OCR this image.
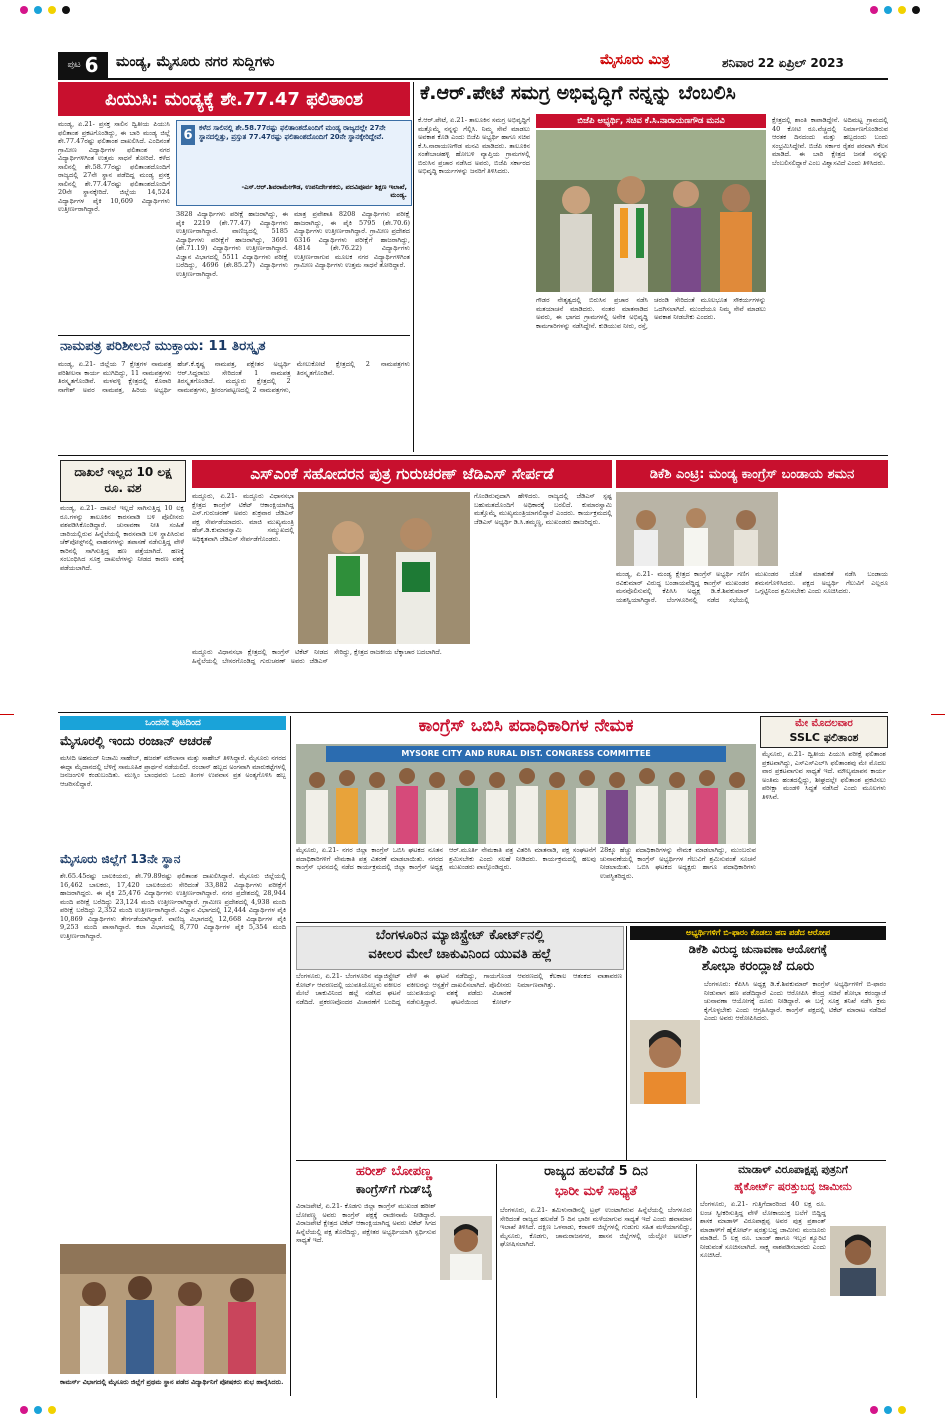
ಪುಟ 6 ಮಂಡ್ಯ, ಮೈಸೂರು ನಗರ ಸುದ್ದಿಗಳು	ಮೈಸೂರು ಮಿತ್ರ	ಶನಿವಾರ 22 ಏಪ್ರಿಲ್ 2023
ಪಿಯುಸಿ: ಮಂಡ್ಯಕ್ಕೆ ಶೇ.77.47 ಫಲಿತಾಂಶ
ಮಂಡ್ಯ, ಏ.21- ಪ್ರಸಕ್ತ ಸಾಲಿನ ದ್ವಿತೀಯ ಪಿಯುಸಿ ಫಲಿತಾಂಶ ಪ್ರಕಟಗೊಂಡಿದ್ದು, ಈ ಬಾರಿ ಮಂಡ್ಯ ಜಿಲ್ಲೆ ಶೇ.77.47ರಷ್ಟು ಫಲಿತಾಂಶ ದಾಖಲಿಸಿದೆ. ಎಂದಿನಂತೆ ಗ್ರಾಮೀಣ ವಿದ್ಯಾರ್ಥಿಗಳ ಫಲಿತಾಂಶ ನಗರ ವಿದ್ಯಾರ್ಥಿಗಳಿಗಿಂತ ಉತ್ತಮ ಸಾಧನೆ ತೋರಿದೆ. ಕಳೆದ ಸಾಲಿನಲ್ಲಿ ಶೇ.58.77ರಷ್ಟು ಫಲಿತಾಂಶದೊಂದಿಗೆ ರಾಜ್ಯದಲ್ಲಿ 27ನೇ ಸ್ಥಾನ ಪಡೆದಿದ್ದ ಮಂಡ್ಯ ಪ್ರಸಕ್ತ ಸಾಲಿನಲ್ಲಿ ಶೇ.77.47ರಷ್ಟು ಫಲಿತಾಂಶದೊಂದಿಗೆ 20ನೇ ಸ್ಥಾನಕ್ಕೇರಿದೆ. ಜಿಲ್ಲೆಯ 14,524 ವಿದ್ಯಾರ್ಥಿಗಳ ಪೈಕಿ 10,609 ವಿದ್ಯಾರ್ಥಿಗಳು ಉತ್ತೀರ್ಣರಾಗಿದ್ದಾರೆ.
6 ಕಳೆದ ಸಾಲಿನಲ್ಲಿ ಶೇ.58.77ರಷ್ಟು ಫಲಿತಾಂಶದೊಂದಿಗೆ ಮಂಡ್ಯ ರಾಜ್ಯದಲ್ಲೇ 27ನೇ ಸ್ಥಾನದಲ್ಲಿತ್ತು, ಪ್ರಸ್ತುತ 77.47ರಷ್ಟು ಫಲಿತಾಂಶದೊಂದಿಗೆ 20ನೇ ಸ್ಥಾನಕ್ಕೇರಿದ್ದೇವೆ.
-ಎಸ್.ಆರ್.ಶಿವರಾಮೇಗೌಡ, ಉಪನಿರ್ದೇಶಕರು, ಪದವಿಪೂರ್ವ ಶಿಕ್ಷಣ ಇಲಾಖೆ, ಮಂಡ್ಯ.
3828 ವಿದ್ಯಾರ್ಥಿಗಳು ಪರೀಕ್ಷೆ ಹಾಜರಾಗಿದ್ದು, ಈ ಪೈಕಿ 2219 (ಶೇ.77.47) ವಿದ್ಯಾರ್ಥಿಗಳು ಉತ್ತೀರ್ಣರಾಗಿದ್ದಾರೆ. ವಾಣಿಜ್ಯದಲ್ಲಿ 5185 ವಿದ್ಯಾರ್ಥಿಗಳು ಪರೀಕ್ಷೆಗೆ ಹಾಜರಾಗಿದ್ದು, 3691 (ಶೇ.71.19) ವಿದ್ಯಾರ್ಥಿಗಳು ಉತ್ತೀರ್ಣರಾಗಿದ್ದಾರೆ. ವಿಜ್ಞಾನ ವಿಭಾಗದಲ್ಲಿ 5511 ವಿದ್ಯಾರ್ಥಿಗಳು ಪರೀಕ್ಷೆ ಬರೆದಿದ್ದು, 4696 (ಶೇ.85.27) ವಿದ್ಯಾರ್ಥಿಗಳು ಉತ್ತೀರ್ಣರಾಗಿದ್ದಾರೆ.
ಮಾತ್ರ ಪ್ರವೇಶಾತಿ 8208 ವಿದ್ಯಾರ್ಥಿಗಳು ಪರೀಕ್ಷೆ ಹಾಜರಾಗಿದ್ದು, ಈ ಪೈಕಿ 5795 (ಶೇ.70.6) ವಿದ್ಯಾರ್ಥಿಗಳು ಉತ್ತೀರ್ಣರಾಗಿದ್ದಾರೆ. ಗ್ರಾಮೀಣ ಪ್ರದೇಶದ 6316 ವಿದ್ಯಾರ್ಥಿಗಳು ಪರೀಕ್ಷೆಗೆ ಹಾಜರಾಗಿದ್ದು, 4814 (ಶೇ.76.22) ವಿದ್ಯಾರ್ಥಿಗಳು ಉತ್ತೀರ್ಣರಾಗುವ ಮೂಲಕ ನಗರ ವಿದ್ಯಾರ್ಥಿಗಳಿಗಿಂತ ಗ್ರಾಮೀಣ ವಿದ್ಯಾರ್ಥಿಗಳು ಉತ್ತಮ ಸಾಧನೆ ತೋರಿದ್ದಾರೆ.
ನಾಮಪತ್ರ ಪರಿಶೀಲನೆ ಮುಕ್ತಾಯ: 11 ತಿರಸ್ಕೃತ
ಮಂಡ್ಯ, ಏ.21- ಜಿಲ್ಲೆಯ 7 ಕ್ಷೇತ್ರಗಳ ನಾಮಪತ್ರ ಪರಿಶೀಲನಾ ಕಾರ್ಯ ಮುಗಿದಿದ್ದು, 11 ನಾಮಪತ್ರಗಳು ತಿರಸ್ಕೃತಗೊಂಡಿವೆ. ಮಳವಳ್ಳಿ ಕ್ಷೇತ್ರದಲ್ಲಿ ಕೊಠಾರಿ ನಾಗೇಶ್ ಅವರ ನಾಮಪತ್ರ, ಹಿರಿಯ ಅಭ್ಯರ್ಥಿ ಹೆಚ್.ಕೆ.ಕೃಷ್ಣ ನಾಮಪತ್ರ, ಪಕ್ಷೇತರ ಅಭ್ಯರ್ಥಿ ಆರ್.ಸಿದ್ದರಾಜು ಸೇರಿದಂತೆ 1 ನಾಮಪತ್ರ ತಿರಸ್ಕೃತಗೊಂಡಿದೆ. ಮದ್ದೂರು ಕ್ಷೇತ್ರದಲ್ಲಿ 2 ನಾಮಪತ್ರಗಳು, ಶ್ರೀರಂಗಪಟ್ಟಣದಲ್ಲಿ 2 ನಾಮಪತ್ರಗಳು, ಮೇಲುಕೋಟೆ ಕ್ಷೇತ್ರದಲ್ಲಿ 2 ನಾಮಪತ್ರಗಳು ತಿರಸ್ಕೃತಗೊಂಡಿವೆ.
ಕೆ.ಆರ್.ಪೇಟೆ ಸಮಗ್ರ ಅಭಿವೃದ್ಧಿಗೆ ನನ್ನನ್ನು ಬೆಂಬಲಿಸಿ
ಬಿಜೆಪಿ ಅಭ್ಯರ್ಥಿ, ಸಚಿವ ಕೆ.ಸಿ.ನಾರಾಯಣಗೌಡ ಮನವಿ
ಕೆ.ಆರ್.ಪೇಟೆ, ಏ.21- ತಾಲೂಕಿನ ಸಮಗ್ರ ಅಭಿವೃದ್ಧಿಗೆ ಮತ್ತೊಮ್ಮೆ ನನ್ನನ್ನು ಗೆಲ್ಲಿಸಿ. ನಿಮ್ಮ ಸೇವೆ ಮಾಡಲು ಅವಕಾಶ ಕೊಡಿ ಎಂದು ಬಿಜೆಪಿ ಅಭ್ಯರ್ಥಿ ಹಾಗೂ ಸಚಿವ ಕೆ.ಸಿ.ನಾರಾಯಣಗೌಡ ಮನವಿ ಮಾಡಿದರು. ತಾಲೂಕಿನ ಸಂತೇಬಾಚಹಳ್ಳಿ ಹೋಬಳಿ ವ್ಯಾಪ್ತಿಯ ಗ್ರಾಮಗಳಲ್ಲಿ ಬಿರುಸಿನ ಪ್ರಚಾರ ನಡೆಸಿದ ಅವರು, ಬಿಜೆಪಿ ಸರ್ಕಾರದ ಅಭಿವೃದ್ಧಿ ಕಾರ್ಯಗಳನ್ನು ಜನರಿಗೆ ತಿಳಿಸಿದರು.
ಗೌಡರ ನೇತೃತ್ವದಲ್ಲಿ ಬಿರುಸಿನ ಪ್ರಚಾರ ನಡೆಸಿ ಮತಯಾಚನೆ ಮಾಡಿದರು. ನಂತರ ಮಾತನಾಡಿದ ಅವರು, ಈ ಭಾಗದ ಗ್ರಾಮಗಳಲ್ಲಿ ಅನೇಕ ಅಭಿವೃದ್ಧಿ ಕಾಮಗಾರಿಗಳನ್ನು ನಡೆಸಿದ್ದೇನೆ. ಕುಡಿಯುವ ನೀರು, ರಸ್ತೆ, ಚರಂಡಿ ಸೇರಿದಂತೆ ಮೂಲಭೂತ ಸೌಕರ್ಯಗಳನ್ನು ಒದಗಿಸಲಾಗಿದೆ. ಮುಂದೆಯೂ ನಿಮ್ಮ ಸೇವೆ ಮಾಡಲು ಅವಕಾಶ ನೀಡಬೇಕು ಎಂದರು.
ಕ್ಷೇತ್ರದಲ್ಲಿ ಶಾಂತಿ ಕಾಪಾಡಿದ್ದೇನೆ. ಅದಿಮಟ್ಟ ಗ್ರಾಮದಲ್ಲಿ 40 ಕೋಟಿ ರೂ.ವೆಚ್ಚದಲ್ಲಿ ನಿರ್ಮಾಣಗೊಂಡಿರುವ ಆರತಕ ದಿನದಂದು ಮತ್ತು ಹಬ್ಬದಂದು ಬಂದು ಸಂಭ್ರಮಿಸಿದ್ದೇವೆ. ಬಿಜೆಪಿ ಸರ್ಕಾರ ರೈತರ ಪರವಾಗಿ ಕೆಲಸ ಮಾಡಿದೆ. ಈ ಬಾರಿ ಕ್ಷೇತ್ರದ ಜನತೆ ನನ್ನನ್ನು ಬೆಂಬಲಿಸಲಿದ್ದಾರೆ ಎಂಬ ವಿಶ್ವಾಸವಿದೆ ಎಂದು ತಿಳಿಸಿದರು.
ದಾಖಲೆ ಇಲ್ಲದ 10 ಲಕ್ಷ ರೂ. ವಶ
ಮಂಡ್ಯ, ಏ.21- ದಾಖಲೆ ಇಲ್ಲದೆ ಸಾಗಿಸುತ್ತಿದ್ದ 10 ಲಕ್ಷ ರೂ.ಗಳನ್ನು ತಾಲೂಕಿನ ಕಾರಸವಾಡಿ ಬಳಿ ಪೊಲೀಸರು ವಶಪಡಿಸಿಕೊಂಡಿದ್ದಾರೆ. ಚುನಾವಣಾ ನೀತಿ ಸಂಹಿತೆ ಜಾರಿಯಲ್ಲಿರುವ ಹಿನ್ನೆಲೆಯಲ್ಲಿ ಕಾರಸವಾಡಿ ಬಳಿ ಸ್ಥಾಪಿಸಿರುವ ಚೆಕ್‌ಪೋಸ್ಟ್‌ನಲ್ಲಿ ವಾಹನಗಳನ್ನು ತಪಾಸಣೆ ನಡೆಸುತ್ತಿದ್ದ ವೇಳೆ ಕಾರಿನಲ್ಲಿ ಸಾಗಿಸುತ್ತಿದ್ದ ಹಣ ಪತ್ತೆಯಾಗಿದೆ. ಹಣಕ್ಕೆ ಸಂಬಂಧಿಸಿದ ಸೂಕ್ತ ದಾಖಲೆಗಳನ್ನು ನೀಡದ ಕಾರಣ ವಶಕ್ಕೆ ಪಡೆಯಲಾಗಿದೆ.
ಎಸ್‌ಎಂಕೆ ಸಹೋದರನ ಪುತ್ರ ಗುರುಚರಣ್ ಜೆಡಿಎಸ್ ಸೇರ್ಪಡೆ
ಮದ್ದೂರು, ಏ.21- ಮದ್ದೂರು ವಿಧಾನಸಭಾ ಕ್ಷೇತ್ರದ ಕಾಂಗ್ರೆಸ್ ಟಿಕೆಟ್ ಆಕಾಂಕ್ಷಿಯಾಗಿದ್ದ ಎಸ್.ಗುರುಚರಣ್ ಅವರು ಶುಕ್ರವಾರ ಜೆಡಿಎಸ್ ಪಕ್ಷ ಸೇರ್ಪಡೆಯಾದರು. ಮಾಜಿ ಮುಖ್ಯಮಂತ್ರಿ ಹೆಚ್.ಡಿ.ಕುಮಾರಸ್ವಾಮಿ ಸಮ್ಮುಖದಲ್ಲಿ ಅಧಿಕೃತವಾಗಿ ಜೆಡಿಎಸ್ ಸೇರ್ಪಡೆಗೊಂಡರು.
ಗೊಂಡಿರುವುದಾಗಿ ಹೇಳಿದರು. ರಾಜ್ಯದಲ್ಲಿ ಜೆಡಿಎಸ್ ಸ್ಪಷ್ಟ ಬಹುಮತದೊಂದಿಗೆ ಅಧಿಕಾರಕ್ಕೆ ಬರಲಿದೆ. ಕುಮಾರಸ್ವಾಮಿ ಮತ್ತೊಮ್ಮೆ ಮುಖ್ಯಮಂತ್ರಿಯಾಗಲಿದ್ದಾರೆ ಎಂದರು. ಕಾರ್ಯಕ್ರಮದಲ್ಲಿ ಜೆಡಿಎಸ್ ಅಭ್ಯರ್ಥಿ ಡಿ.ಸಿ.ತಮ್ಮಣ್ಣ, ಮುಖಂಡರು ಹಾಜರಿದ್ದರು.
ಮದ್ದೂರು ವಿಧಾನಸಭಾ ಕ್ಷೇತ್ರದಲ್ಲಿ ಕಾಂಗ್ರೆಸ್ ಟಿಕೆಟ್ ನೀಡದ ಹಿನ್ನೆಲೆಯಲ್ಲಿ ಬೇಸರಗೊಂಡಿದ್ದ ಗುರುಚರಣ್ ಅವರು ಜೆಡಿಎಸ್ ಸೇರಿದ್ದು, ಕ್ಷೇತ್ರದ ರಾಜಕೀಯ ಲೆಕ್ಕಾಚಾರ ಬದಲಾಗಿದೆ.
ಡಿಕೆಶಿ ಎಂಟ್ರಿ: ಮಂಡ್ಯ ಕಾಂಗ್ರೆಸ್ ಬಂಡಾಯ ಶಮನ
ಮಂಡ್ಯ, ಏ.21- ಮಂಡ್ಯ ಕ್ಷೇತ್ರದ ಕಾಂಗ್ರೆಸ್ ಅಭ್ಯರ್ಥಿ ಗಣಿಗ ರವಿಕುಮಾರ್ ವಿರುದ್ಧ ಬಂಡಾಯವೆದ್ದಿದ್ದ ಕಾಂಗ್ರೆಸ್ ಮುಖಂಡರ ಮನವೊಲಿಸುವಲ್ಲಿ ಕೆಪಿಸಿಸಿ ಅಧ್ಯಕ್ಷ ಡಿ.ಕೆ.ಶಿವಕುಮಾರ್ ಯಶಸ್ವಿಯಾಗಿದ್ದಾರೆ. ಬೆಂಗಳೂರಿನಲ್ಲಿ ನಡೆದ ಸಭೆಯಲ್ಲಿ ಮುಖಂಡರ ಜೊತೆ ಮಾತುಕತೆ ನಡೆಸಿ ಬಂಡಾಯ ಶಮನಗೊಳಿಸಿದರು. ಪಕ್ಷದ ಅಭ್ಯರ್ಥಿ ಗೆಲುವಿಗೆ ಎಲ್ಲರೂ ಒಗ್ಗಟ್ಟಿನಿಂದ ಶ್ರಮಿಸಬೇಕು ಎಂದು ಸೂಚಿಸಿದರು.
ಒಂದನೇ ಪುಟದಿಂದ
ಮೈಸೂರಲ್ಲಿ ಇಂದು ರಂಜಾನ್ ಆಚರಣೆ
ಮಸೀದಿ ಅಹಮದ್ ನಿಜಾಮಿ ಸಾಹೇಬ್, ಹಜರತ್ ಮೌಲಾನಾ ಮತ್ತು ಸಾಹೇಬ್ ತಿಳಿಸಿದ್ದಾರೆ. ಮೈಸೂರು ನಗರದ ಈದ್ಗಾ ಮೈದಾನದಲ್ಲಿ ಬೆಳಿಗ್ಗೆ ಸಾಮೂಹಿಕ ಪ್ರಾರ್ಥನೆ ನಡೆಯಲಿದೆ. ರಂಜಾನ್ ಹಬ್ಬದ ಅಂಗವಾಗಿ ಮಾರುಕಟ್ಟೆಗಳಲ್ಲಿ ಜನಜಂಗುಳಿ ಕಂಡುಬಂದಿತು. ಮುಸ್ಲಿಂ ಬಾಂಧವರು ಒಂದು ತಿಂಗಳ ಉಪವಾಸ ವ್ರತ ಅಂತ್ಯಗೊಳಿಸಿ ಹಬ್ಬ ಆಚರಿಸಲಿದ್ದಾರೆ.
ಮೈಸೂರು ಜಿಲ್ಲೆಗೆ 13ನೇ ಸ್ಥಾನ
ಶೇ.65.45ರಷ್ಟು ಬಾಲಕಿಯರು, ಶೇ.79.89ರಷ್ಟು ಫಲಿತಾಂಶ ದಾಖಲಿಸಿದ್ದಾರೆ. ಮೈಸೂರು ಜಿಲ್ಲೆಯಲ್ಲಿ 16,462 ಬಾಲಕರು, 17,420 ಬಾಲಕಿಯರು ಸೇರಿದಂತೆ 33,882 ವಿದ್ಯಾರ್ಥಿಗಳು ಪರೀಕ್ಷೆಗೆ ಹಾಜರಾಗಿದ್ದರು. ಈ ಪೈಕಿ 25,476 ವಿದ್ಯಾರ್ಥಿಗಳು ಉತ್ತೀರ್ಣರಾಗಿದ್ದಾರೆ. ನಗರ ಪ್ರದೇಶದಲ್ಲಿ 28,944 ಮಂದಿ ಪರೀಕ್ಷೆ ಬರೆದಿದ್ದು 23,124 ಮಂದಿ ಉತ್ತೀರ್ಣರಾಗಿದ್ದಾರೆ. ಗ್ರಾಮೀಣ ಪ್ರದೇಶದಲ್ಲಿ 4,938 ಮಂದಿ ಪರೀಕ್ಷೆ ಬರೆದಿದ್ದು 2,352 ಮಂದಿ ಉತ್ತೀರ್ಣರಾಗಿದ್ದಾರೆ. ವಿಜ್ಞಾನ ವಿಭಾಗದಲ್ಲಿ 12,444 ವಿದ್ಯಾರ್ಥಿಗಳ ಪೈಕಿ 10,869 ವಿದ್ಯಾರ್ಥಿಗಳು ತೇರ್ಗಡೆಯಾಗಿದ್ದಾರೆ. ವಾಣಿಜ್ಯ ವಿಭಾಗದಲ್ಲಿ 12,668 ವಿದ್ಯಾರ್ಥಿಗಳ ಪೈಕಿ 9,253 ಮಂದಿ ಪಾಸಾಗಿದ್ದಾರೆ. ಕಲಾ ವಿಭಾಗದಲ್ಲಿ 8,770 ವಿದ್ಯಾರ್ಥಿಗಳ ಪೈಕಿ 5,354 ಮಂದಿ ಉತ್ತೀರ್ಣರಾಗಿದ್ದಾರೆ.
ಕಾಮರ್ಸ್ ವಿಭಾಗದಲ್ಲಿ ಮೈಸೂರು ಜಿಲ್ಲೆಗೆ ಪ್ರಥಮ ಸ್ಥಾನ ಪಡೆದ ವಿದ್ಯಾರ್ಥಿನಿಗೆ ಪೋಷಕರು ಶುಭ ಹಾರೈಸಿದರು.
ಕಾಂಗ್ರೆಸ್ ಒಬಿಸಿ ಪದಾಧಿಕಾರಿಗಳ ನೇಮಕ
MYSORE CITY AND RURAL DIST. CONGRESS COMMITTEE
ಮೈಸೂರು, ಏ.21- ನಗರ ಜಿಲ್ಲಾ ಕಾಂಗ್ರೆಸ್ ಒಬಿಸಿ ಘಟಕದ ನೂತನ ಪದಾಧಿಕಾರಿಗಳಿಗೆ ನೇಮಕಾತಿ ಪತ್ರ ವಿತರಣೆ ಮಾಡಲಾಯಿತು. ನಗರದ ಕಾಂಗ್ರೆಸ್ ಭವನದಲ್ಲಿ ನಡೆದ ಕಾರ್ಯಕ್ರಮದಲ್ಲಿ ಜಿಲ್ಲಾ ಕಾಂಗ್ರೆಸ್ ಅಧ್ಯಕ್ಷ ಆರ್.ಮೂರ್ತಿ ನೇಮಕಾತಿ ಪತ್ರ ವಿತರಿಸಿ ಮಾತನಾಡಿ, ಪಕ್ಷ ಸಂಘಟನೆಗೆ ಶ್ರಮಿಸಬೇಕು ಎಂದು ಸಲಹೆ ನೀಡಿದರು. ಕಾರ್ಯಕ್ರಮದಲ್ಲಿ ಹಲವು ಮುಖಂಡರು ಪಾಲ್ಗೊಂಡಿದ್ದರು.
28ಕ್ಕೂ ಹೆಚ್ಚು ಪದಾಧಿಕಾರಿಗಳನ್ನು ನೇಮಕ ಮಾಡಲಾಗಿದ್ದು, ಮುಂಬರುವ ಚುನಾವಣೆಯಲ್ಲಿ ಕಾಂಗ್ರೆಸ್ ಅಭ್ಯರ್ಥಿಗಳ ಗೆಲುವಿಗೆ ಶ್ರಮಿಸುವಂತೆ ಸೂಚನೆ ನೀಡಲಾಯಿತು. ಒಬಿಸಿ ಘಟಕದ ಅಧ್ಯಕ್ಷರು ಹಾಗೂ ಪದಾಧಿಕಾರಿಗಳು ಉಪಸ್ಥಿತರಿದ್ದರು.
ಮೇ ಮೊದಲವಾರ
SSLC ಫಲಿತಾಂಶ
ಮೈಸೂರು, ಏ.21- ದ್ವಿತೀಯ ಪಿಯುಸಿ ಪರೀಕ್ಷೆ ಫಲಿತಾಂಶ ಪ್ರಕಟವಾಗಿದ್ದು, ಎಸ್‌ಎಸ್‌ಎಲ್‌ಸಿ ಫಲಿತಾಂಶವು ಮೇ ಮೊದಲ ವಾರ ಪ್ರಕಟವಾಗುವ ಸಾಧ್ಯತೆ ಇದೆ. ಮೌಲ್ಯಮಾಪನ ಕಾರ್ಯ ಅಂತಿಮ ಹಂತದಲ್ಲಿದ್ದು, ಶೀಘ್ರದಲ್ಲೇ ಫಲಿತಾಂಶ ಪ್ರಕಟಿಸಲು ಪರೀಕ್ಷಾ ಮಂಡಳಿ ಸಿದ್ಧತೆ ನಡೆಸಿದೆ ಎಂದು ಮೂಲಗಳು ತಿಳಿಸಿವೆ.
ಬೆಂಗಳೂರಿನ ಮ್ಯಾಜಿಸ್ಟ್ರೇಟ್ ಕೋರ್ಟ್‌ನಲ್ಲಿ
ವಕೀಲರ ಮೇಲೆ ಚಾಕುವಿನಿಂದ ಯುವತಿ ಹಲ್ಲೆ
ಬೆಂಗಳೂರು, ಏ.21- ಬೆಂಗಳೂರಿನ ಮ್ಯಾಜಿಸ್ಟ್ರೇಟ್ ಕೋರ್ಟ್ ಆವರಣದಲ್ಲಿ ಯುವತಿಯೊಬ್ಬಳು ವಕೀಲರ ಮೇಲೆ ಚಾಕುವಿನಿಂದ ಹಲ್ಲೆ ನಡೆಸಿದ ಘಟನೆ ನಡೆದಿದೆ. ಪ್ರಕರಣವೊಂದರ ವಿಚಾರಣೆಗೆ ಬಂದಿದ್ದ ವೇಳೆ ಈ ಘಟನೆ ನಡೆದಿದ್ದು, ಗಾಯಗೊಂಡ ವಕೀಲರನ್ನು ಆಸ್ಪತ್ರೆಗೆ ದಾಖಲಿಸಲಾಗಿದೆ. ಪೊಲೀಸರು ಯುವತಿಯನ್ನು ವಶಕ್ಕೆ ಪಡೆದು ವಿಚಾರಣೆ ನಡೆಸುತ್ತಿದ್ದಾರೆ. ಘಟನೆಯಿಂದ ಕೋರ್ಟ್ ಆವರಣದಲ್ಲಿ ಕೆಲಕಾಲ ಆತಂಕದ ವಾತಾವರಣ ನಿರ್ಮಾಣವಾಗಿತ್ತು.
ಅಭ್ಯರ್ಥಿಗಳಿಗೆ ಬಿ-ಫಾರಂ ಕೊಡಲು ಹಣ ಪಡೆದ ಆರೋಪ
ಡಿಕೆಶಿ ವಿರುದ್ಧ ಚುನಾವಣಾ ಆಯೋಗಕ್ಕೆ
ಶೋಭಾ ಕರಂದ್ಲಾಜೆ ದೂರು
ಬೆಂಗಳೂರು: ಕೆಪಿಸಿಸಿ ಅಧ್ಯಕ್ಷ ಡಿ.ಕೆ.ಶಿವಕುಮಾರ್ ಕಾಂಗ್ರೆಸ್ ಅಭ್ಯರ್ಥಿಗಳಿಗೆ ಬಿ-ಫಾರಂ ನೀಡುವಾಗ ಹಣ ಪಡೆದಿದ್ದಾರೆ ಎಂದು ಆರೋಪಿಸಿ ಕೇಂದ್ರ ಸಚಿವೆ ಶೋಭಾ ಕರಂದ್ಲಾಜೆ ಚುನಾವಣಾ ಆಯೋಗಕ್ಕೆ ದೂರು ನೀಡಿದ್ದಾರೆ. ಈ ಬಗ್ಗೆ ಸೂಕ್ತ ತನಿಖೆ ನಡೆಸಿ ಕ್ರಮ ಕೈಗೊಳ್ಳಬೇಕು ಎಂದು ಆಗ್ರಹಿಸಿದ್ದಾರೆ. ಕಾಂಗ್ರೆಸ್ ಪಕ್ಷದಲ್ಲಿ ಟಿಕೆಟ್ ಮಾರಾಟ ನಡೆದಿದೆ ಎಂದು ಅವರು ಆರೋಪಿಸಿದರು.
ಹರೀಶ್ ಬೋಪಣ್ಣ
ಕಾಂಗ್ರೆಸ್‌ಗೆ ಗುಡ್‌ಬೈ
ವಿರಾಜಪೇಟೆ, ಏ.21- ಕೊಡಗು ಜಿಲ್ಲಾ ಕಾಂಗ್ರೆಸ್ ಮುಖಂಡ ಹರೀಶ್ ಬೋಪಣ್ಣ ಅವರು ಕಾಂಗ್ರೆಸ್ ಪಕ್ಷಕ್ಕೆ ರಾಜೀನಾಮೆ ನೀಡಿದ್ದಾರೆ. ವಿರಾಜಪೇಟೆ ಕ್ಷೇತ್ರದ ಟಿಕೆಟ್ ಆಕಾಂಕ್ಷಿಯಾಗಿದ್ದ ಅವರು ಟಿಕೆಟ್ ಸಿಗದ ಹಿನ್ನೆಲೆಯಲ್ಲಿ ಪಕ್ಷ ತೊರೆದಿದ್ದು, ಪಕ್ಷೇತರ ಅಭ್ಯರ್ಥಿಯಾಗಿ ಸ್ಪರ್ಧಿಸುವ ಸಾಧ್ಯತೆ ಇದೆ.
ರಾಜ್ಯದ ಹಲವೆಡೆ 5 ದಿನ
ಭಾರೀ ಮಳೆ ಸಾಧ್ಯತೆ
ಬೆಂಗಳೂರು, ಏ.21- ತಮಿಳುನಾಡಿನಲ್ಲಿ ಟ್ರಫ್ ಉಂಟಾಗಿರುವ ಹಿನ್ನೆಲೆಯಲ್ಲಿ ಬೆಂಗಳೂರು ಸೇರಿದಂತೆ ರಾಜ್ಯದ ಹಲವೆಡೆ 5 ದಿನ ಭಾರೀ ಮಳೆಯಾಗುವ ಸಾಧ್ಯತೆ ಇದೆ ಎಂದು ಹವಾಮಾನ ಇಲಾಖೆ ತಿಳಿಸಿದೆ. ದಕ್ಷಿಣ ಒಳನಾಡು, ಕರಾವಳಿ ಜಿಲ್ಲೆಗಳಲ್ಲಿ ಗುಡುಗು ಸಹಿತ ಮಳೆಯಾಗಲಿದ್ದು, ಮೈಸೂರು, ಕೊಡಗು, ಚಾಮರಾಜನಗರ, ಹಾಸನ ಜಿಲ್ಲೆಗಳಲ್ಲಿ ಯೆಲ್ಲೋ ಅಲರ್ಟ್ ಘೋಷಿಸಲಾಗಿದೆ.
ಮಾಡಾಳ್ ವಿರೂಪಾಕ್ಷಪ್ಪ ಪುತ್ರನಿಗೆ
ಹೈಕೋರ್ಟ್ ಷರತ್ತುಬದ್ಧ ಜಾಮೀನು
ಬೆಂಗಳೂರು, ಏ.21- ಗುತ್ತಿಗೆದಾರರಿಂದ 40 ಲಕ್ಷ ರೂ. ಲಂಚ ಸ್ವೀಕರಿಸುತ್ತಿದ್ದ ವೇಳೆ ಲೋಕಾಯುಕ್ತ ಬಲೆಗೆ ಬಿದ್ದಿದ್ದ ಶಾಸಕ ಮಾಡಾಳ್ ವಿರೂಪಾಕ್ಷಪ್ಪ ಅವರ ಪುತ್ರ ಪ್ರಶಾಂತ್ ಮಾಡಾಳ್‌ಗೆ ಹೈಕೋರ್ಟ್ ಷರತ್ತುಬದ್ಧ ಜಾಮೀನು ಮಂಜೂರು ಮಾಡಿದೆ. 5 ಲಕ್ಷ ರೂ. ಬಾಂಡ್ ಹಾಗೂ ಇಬ್ಬರ ಶ್ಯೂರಿಟಿ ನೀಡುವಂತೆ ಸೂಚಿಸಲಾಗಿದೆ. ಸಾಕ್ಷ್ಯ ನಾಶಪಡಿಸಬಾರದು ಎಂದು ಸೂಚಿಸಿದೆ.
